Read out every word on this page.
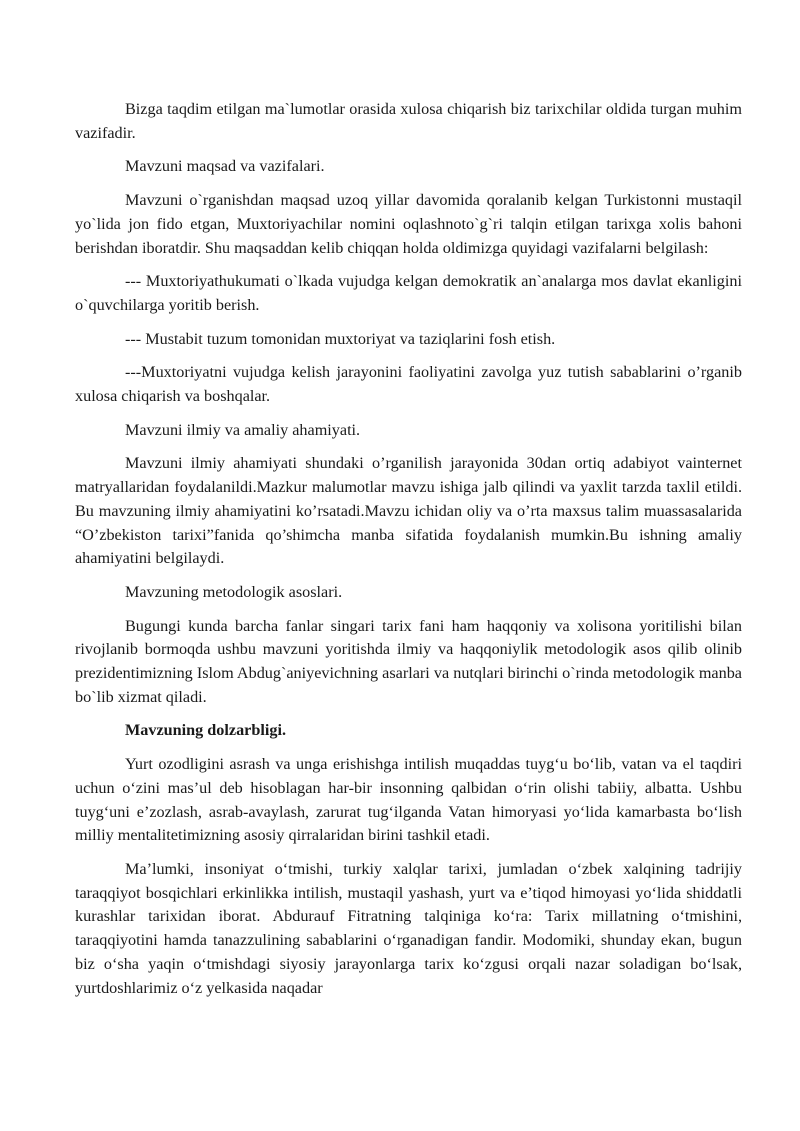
Bizga taqdim etilgan ma`lumotlar orasida xulosa chiqarish biz tarixchilar oldida turgan muhim vazifadir.

Mavzuni maqsad va vazifalari.

Mavzuni o`rganishdan maqsad uzoq yillar davomida qoralanib kelgan Turkistonni mustaqil yo`lida jon fido etgan, Muxtoriyachilar nomini oqlashnoto`g`ri talqin etilgan tarixga xolis bahoni berishdan iboratdir. Shu maqsaddan kelib chiqqan holda oldimizga quyidagi vazifalarni belgilash:

--- Muxtoriyathukumati o`lkada vujudga kelgan demokratik an`analarga mos davlat ekanligini o`quvchilarga yoritib berish.

--- Mustabit tuzum tomonidan muxtoriyat va taziqlarini fosh etish.

---Muxtoriyatni vujudga kelish jarayonini faoliyatini zavolga yuz tutish sabablarini o’rganib xulosa chiqarish va boshqalar.

Mavzuni ilmiy va amaliy ahamiyati.

Mavzuni ilmiy ahamiyati shundaki o’rganilish jarayonida 30dan ortiq adabiyot vainternet matryallaridan foydalanildi.Mazkur malumotlar mavzu ishiga jalb qilindi va yaxlit tarzda taxlil etildi. Bu mavzuning ilmiy ahamiyatini ko’rsatadi.Mavzu ichidan oliy va o’rta maxsus talim muassasalarida “O’zbekiston tarixi”fanida qo’shimcha manba sifatida foydalanish mumkin.Bu ishning amaliy ahamiyatini belgilaydi.

Mavzuning metodologik asoslari.

Bugungi kunda barcha fanlar singari tarix fani ham haqqoniy va xolisona yoritilishi bilan rivojlanib bormoqda ushbu mavzuni yoritishda ilmiy va haqqoniylik metodologik asos qilib olinib prezidentimizning Islom Abdug`aniyevichning asarlari va nutqlari birinchi o`rinda metodologik manba bo`lib xizmat qiladi.

Mavzuning dolzarbligi.

Yurt ozodligini asrash va unga erishishga intilish muqaddas tuyg‘u bo‘lib, vatan va el taqdiri uchun o‘zini mas’ul deb hisoblagan har-bir insonning qalbidan o‘rin olishi tabiiy, albatta. Ushbu tuyg‘uni e’zozlash, asrab-avaylash, zarurat tug‘ilganda Vatan himoryasi yo‘lida kamarbasta bo‘lish milliy mentalitetimizning asosiy qirralaridan birini tashkil etadi.

Ma’lumki, insoniyat o‘tmishi, turkiy xalqlar tarixi, jumladan o‘zbek xalqining tadrijiy taraqqiyot bosqichlari erkinlikka intilish, mustaqil yashash, yurt va e’tiqod himoyasi yo‘lida shiddatli kurashlar tarixidan iborat. Abdurauf Fitratning talqiniga ko‘ra: Tarix millatning o‘tmishini, taraqqiyotini hamda tanazzulining sabablarini o‘rganadigan fandir. Modomiki, shunday ekan, bugun biz o‘sha yaqin o‘tmishdagi siyosiy jarayonlarga tarix ko‘zgusi orqali nazar soladigan bo‘lsak, yurtdoshlarimiz o‘z yelkasida naqadar
